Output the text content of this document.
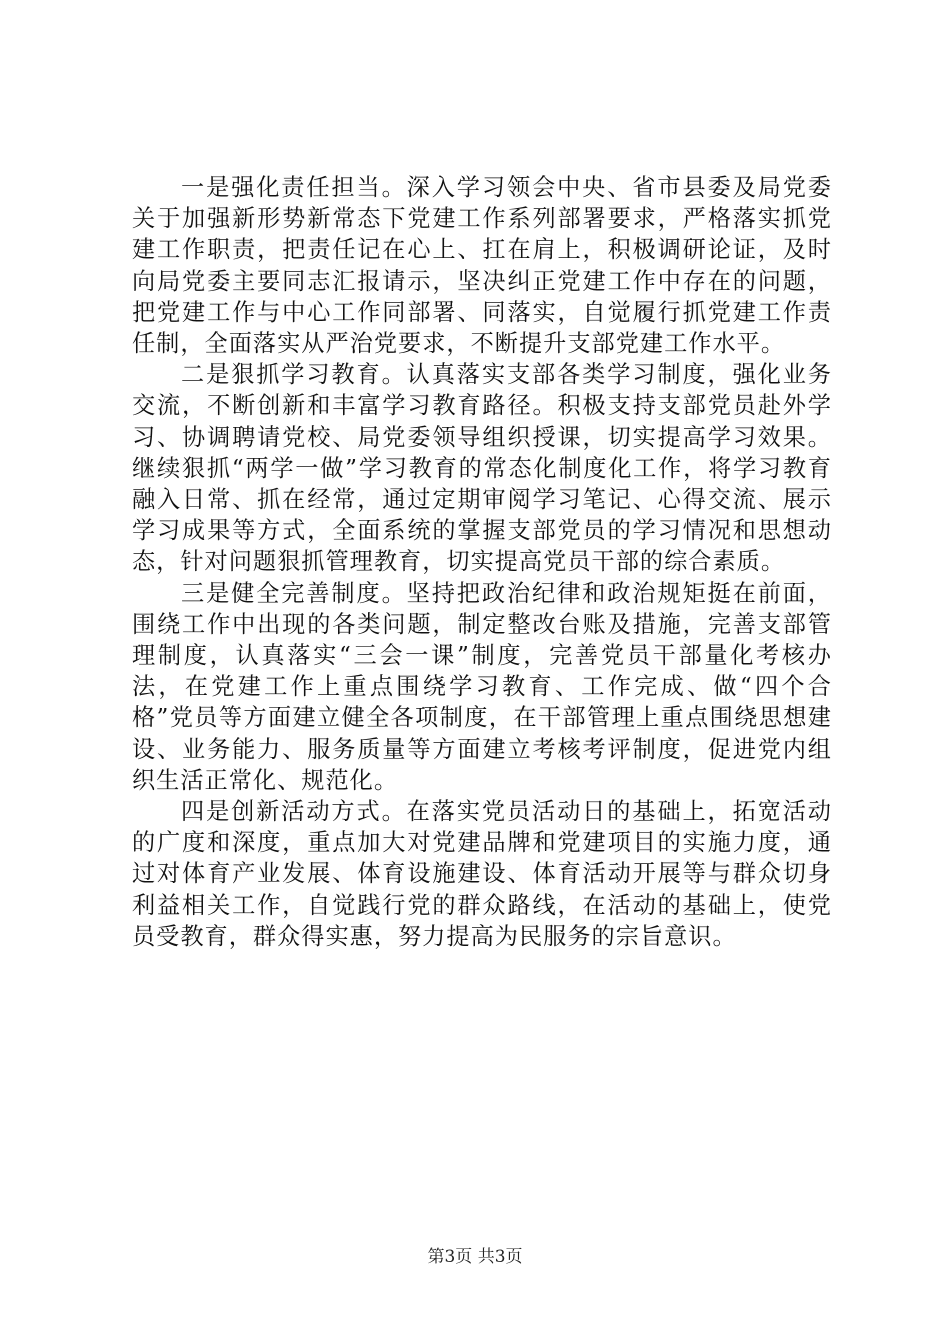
一是强化责任担当。深入学习领会中央、省市县委及局党委关于加强新形势新常态下党建工作系列部署要求，严格落实抓党建工作职责，把责任记在心上、扛在肩上，积极调研论证，及时向局党委主要同志汇报请示，坚决纠正党建工作中存在的问题，把党建工作与中心工作同部署、同落实，自觉履行抓党建工作责任制，全面落实从严治党要求，不断提升支部党建工作水平。

二是狠抓学习教育。认真落实支部各类学习制度，强化业务交流，不断创新和丰富学习教育路径。积极支持支部党员赴外学习、协调聘请党校、局党委领导组织授课，切实提高学习效果。继续狠抓“两学一做”学习教育的常态化制度化工作，将学习教育融入日常、抓在经常，通过定期审阅学习笔记、心得交流、展示学习成果等方式，全面系统的掌握支部党员的学习情况和思想动态，针对问题狠抓管理教育，切实提高党员干部的综合素质。

三是健全完善制度。坚持把政治纪律和政治规矩挺在前面，围绕工作中出现的各类问题，制定整改台账及措施，完善支部管理制度，认真落实“三会一课”制度，完善党员干部量化考核办法，在党建工作上重点围绕学习教育、工作完成、做“四个合格”党员等方面建立健全各项制度，在干部管理上重点围绕思想建设、业务能力、服务质量等方面建立考核考评制度，促进党内组织生活正常化、规范化。

四是创新活动方式。在落实党员活动日的基础上，拓宽活动的广度和深度，重点加大对党建品牌和党建项目的实施力度，通过对体育产业发展、体育设施建设、体育活动开展等与群众切身利益相关工作，自觉践行党的群众路线，在活动的基础上，使党员受教育，群众得实惠，努力提高为民服务的宗旨意识。

第3页 共3页
